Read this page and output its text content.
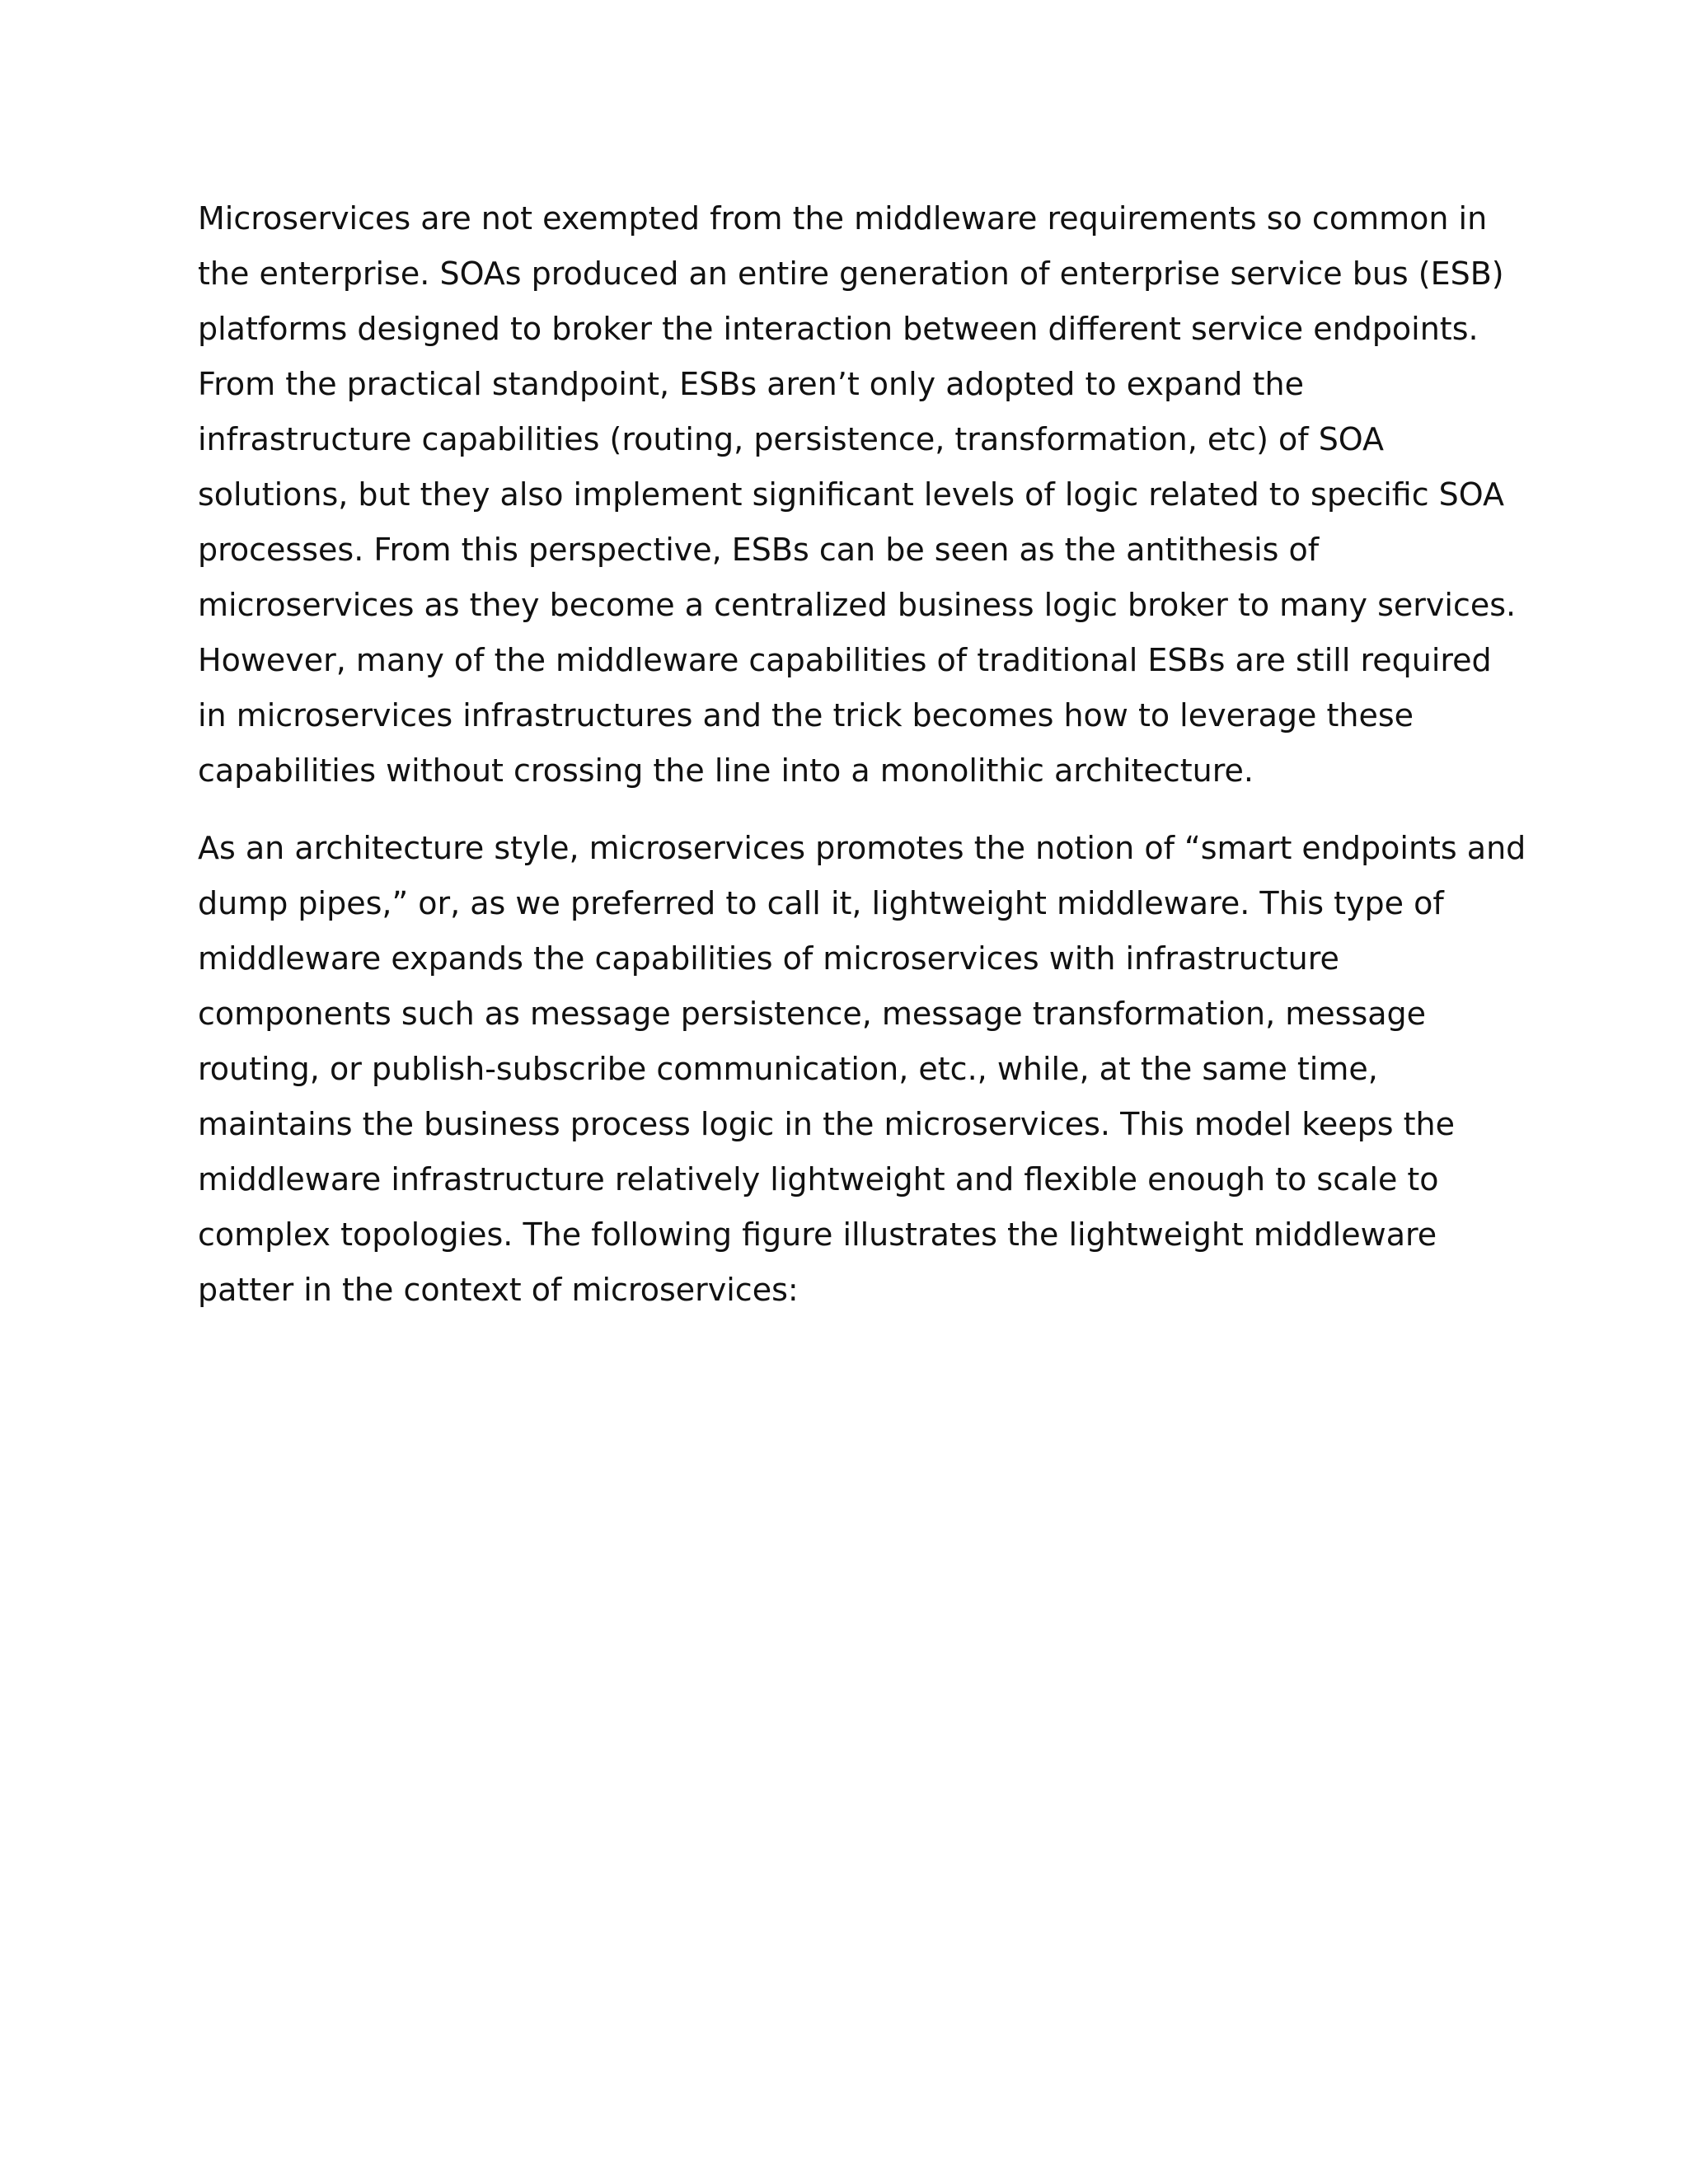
Microservices are not exempted from the middleware requirements so common in
the enterprise. SOAs produced an entire generation of enterprise service bus (ESB)
platforms designed to broker the interaction between different service endpoints.
From the practical standpoint, ESBs aren’t only adopted to expand the
infrastructure capabilities (routing, persistence, transformation, etc) of SOA
solutions, but they also implement significant levels of logic related to specific SOA
processes. From this perspective, ESBs can be seen as the antithesis of
microservices as they become a centralized business logic broker to many services.
However, many of the middleware capabilities of traditional ESBs are still required
in microservices infrastructures and the trick becomes how to leverage these
capabilities without crossing the line into a monolithic architecture.
As an architecture style, microservices promotes the notion of “smart endpoints and
dump pipes,” or, as we preferred to call it, lightweight middleware. This type of
middleware expands the capabilities of microservices with infrastructure
components such as message persistence, message transformation, message
routing, or publish-subscribe communication, etc., while, at the same time,
maintains the business process logic in the microservices. This model keeps the
middleware infrastructure relatively lightweight and flexible enough to scale to
complex topologies. The following figure illustrates the lightweight middleware
patter in the context of microservices:
